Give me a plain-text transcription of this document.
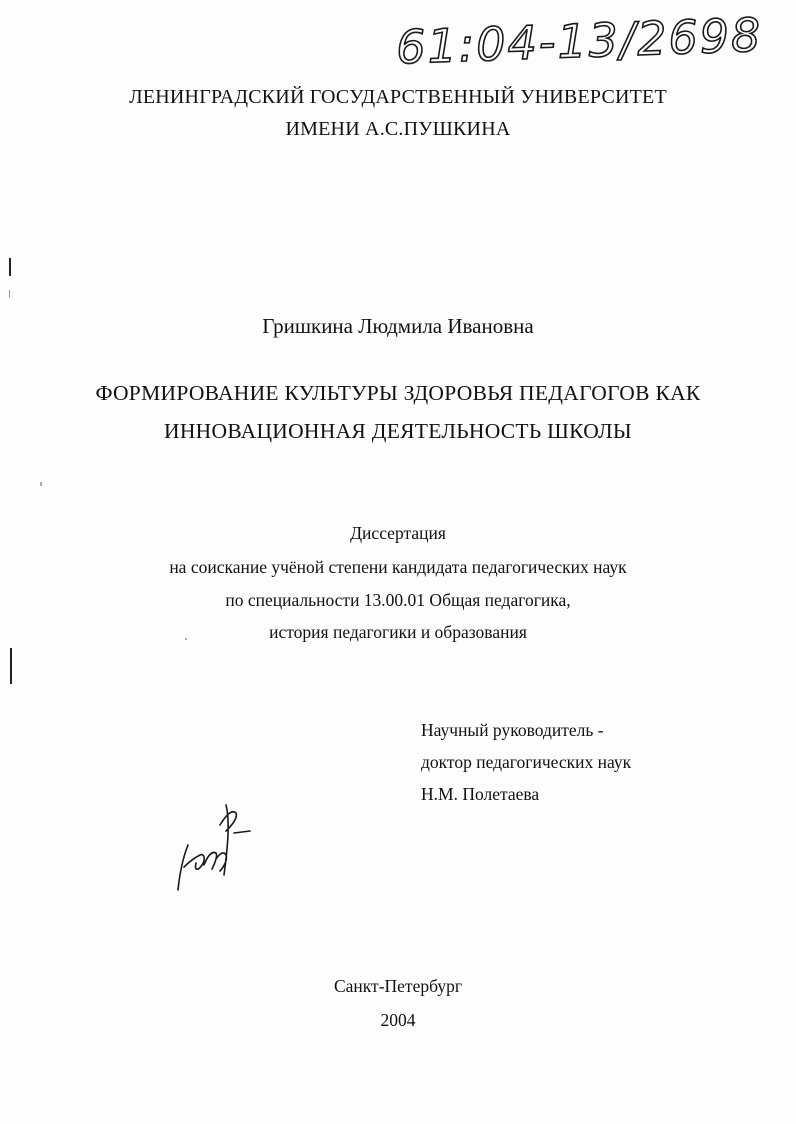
61:04-13/2698
ЛЕНИНГРАДСКИЙ ГОСУДАРСТВЕННЫЙ УНИВЕРСИТЕТ
ИМЕНИ А.С.ПУШКИНА
Гришкина Людмила Ивановна
ФОРМИРОВАНИЕ КУЛЬТУРЫ ЗДОРОВЬЯ ПЕДАГОГОВ КАК
ИННОВАЦИОННАЯ ДЕЯТЕЛЬНОСТЬ ШКОЛЫ
Диссертация
на соискание учёной степени кандидата педагогических наук
по специальности 13.00.01 Общая педагогика,
история педагогики и образования
Научный руководитель -
доктор педагогических наук
Н.М. Полетаева
Санкт-Петербург
2004
